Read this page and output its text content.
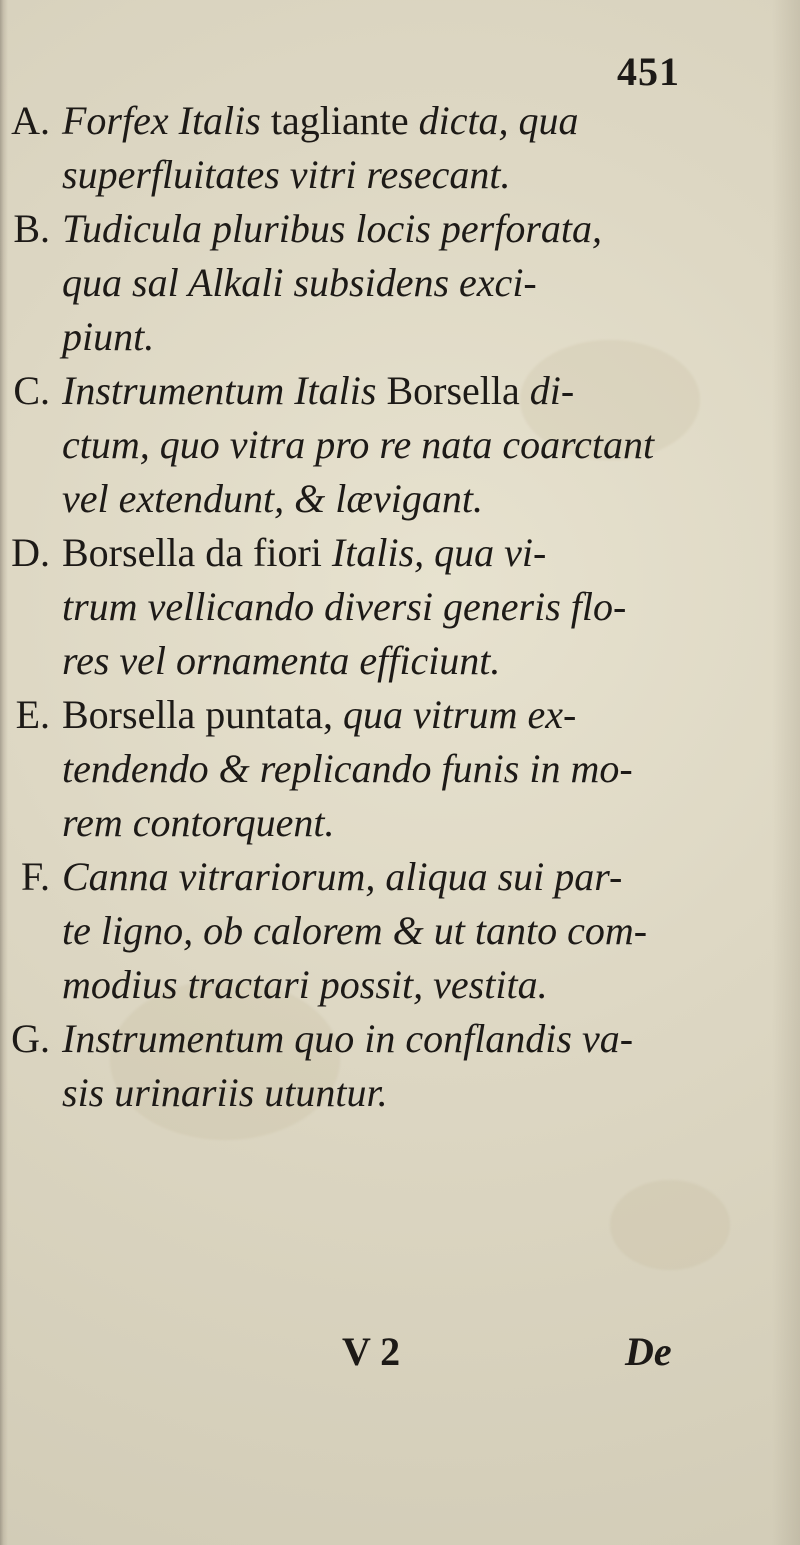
451
A. Forfex Italis tagliante dicta, qua
superfluitates vitri resecant.
B. Tudicula pluribus locis perforata,
qua sal Alkali subsidens exci-
piunt.
C. Instrumentum Italis Borsella di-
ctum, quo vitra pro re nata coarctant
vel extendunt, & lævigant.
D. Borsella da fiori Italis, qua vi-
trum vellicando diversi generis flo-
res vel ornamenta efficiunt.
E. Borsella puntata, qua vitrum ex-
tendendo & replicando funis in mo-
rem contorquent.
F. Canna vitrariorum, aliqua sui par-
te ligno, ob calorem & ut tanto com-
modius tractari possit, vestita.
G. Instrumentum quo in conflandis va-
sis urinariis utuntur.
V 2	De
